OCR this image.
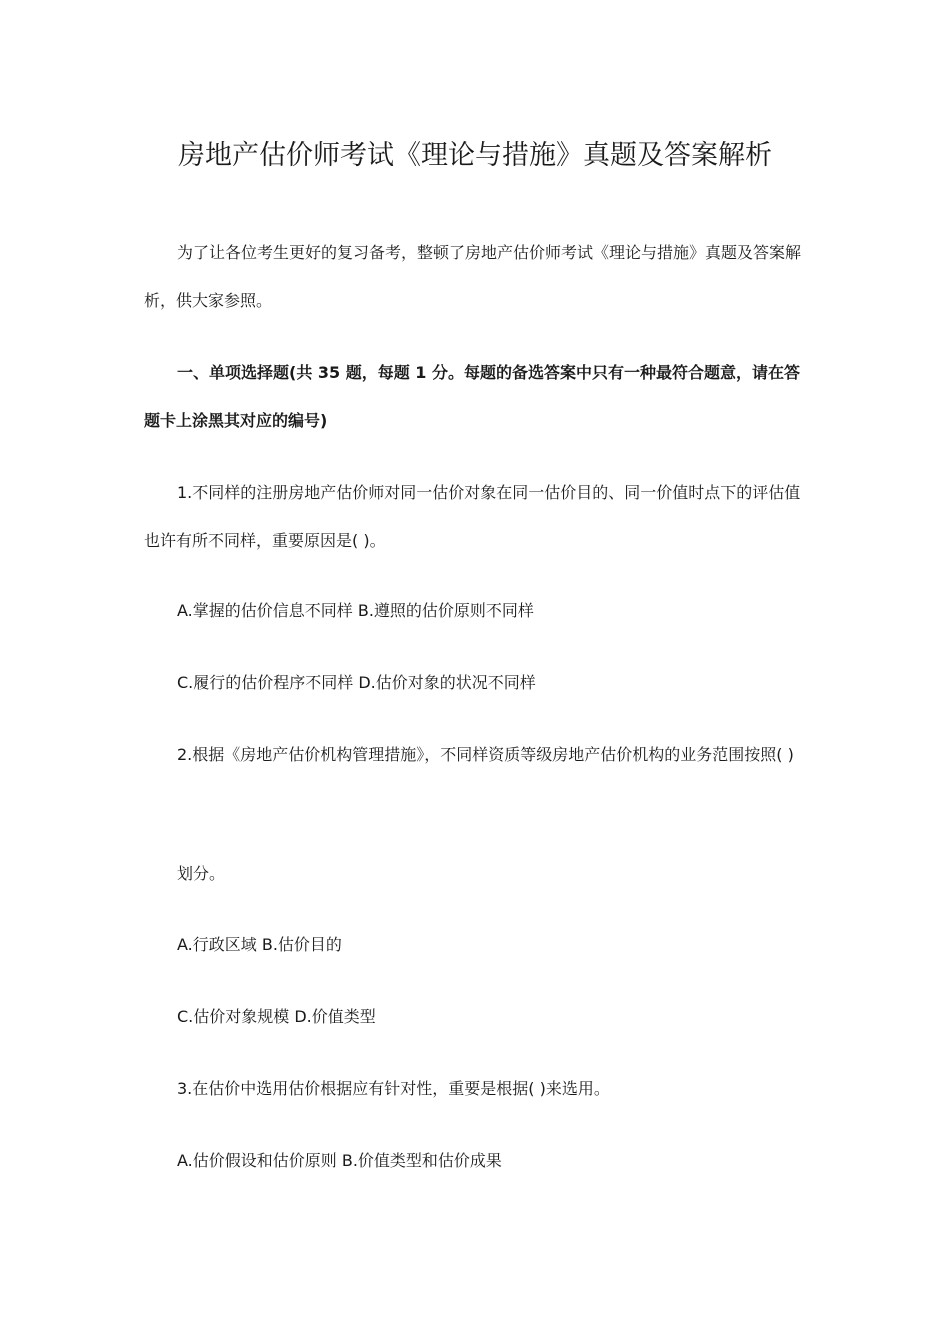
房地产估价师考试《理论与措施》真题及答案解析

为了让各位考生更好的复习备考，整顿了房地产估价师考试《理论与措施》真题及答案解析，供大家参照。

一、单项选择题(共 35 题，每题 1 分。每题的备选答案中只有一种最符合题意，请在答题卡上涂黑其对应的编号)

1.不同样的注册房地产估价师对同一估价对象在同一估价目的、同一价值时点下的评估值也许有所不同样，重要原因是( )。

A.掌握的估价信息不同样 B.遵照的估价原则不同样

C.履行的估价程序不同样 D.估价对象的状况不同样

2.根据《房地产估价机构管理措施》，不同样资质等级房地产估价机构的业务范围按照( )

划分。

A.行政区域 B.估价目的

C.估价对象规模 D.价值类型

3.在估价中选用估价根据应有针对性，重要是根据( )来选用。

A.估价假设和估价原则 B.价值类型和估价成果
